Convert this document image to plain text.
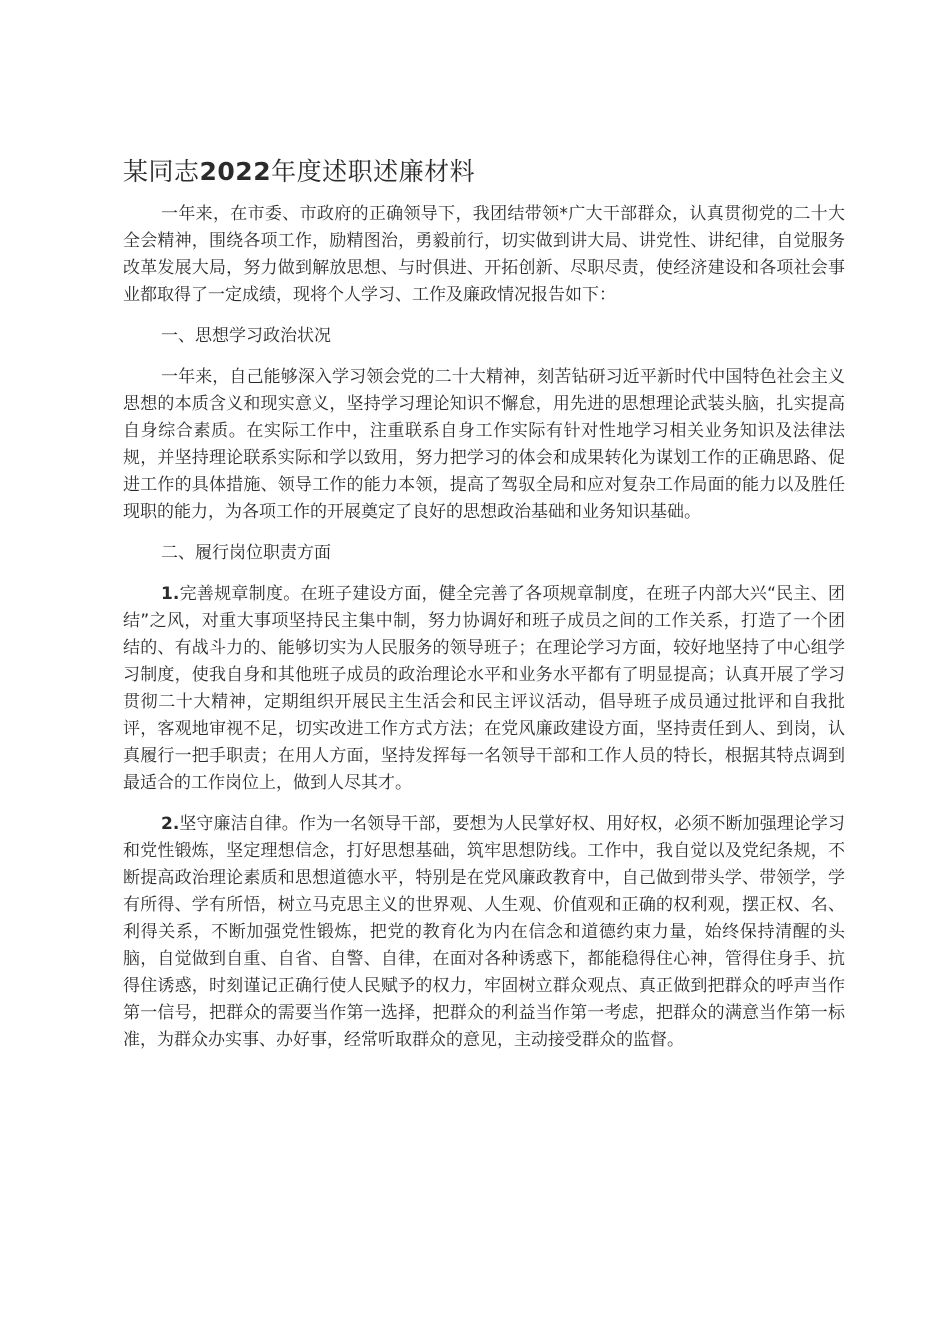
某同志2022年度述职述廉材料

一年来，在市委、市政府的正确领导下，我团结带领*广大干部群众，认真贯彻党的二十大全会精神，围绕各项工作，励精图治，勇毅前行，切实做到讲大局、讲党性、讲纪律，自觉服务改革发展大局，努力做到解放思想、与时俱进、开拓创新、尽职尽责，使经济建设和各项社会事业都取得了一定成绩，现将个人学习、工作及廉政情况报告如下：

一、思想学习政治状况

一年来，自己能够深入学习领会党的二十大精神，刻苦钻研习近平新时代中国特色社会主义思想的本质含义和现实意义，坚持学习理论知识不懈怠，用先进的思想理论武装头脑，扎实提高自身综合素质。在实际工作中，注重联系自身工作实际有针对性地学习相关业务知识及法律法规，并坚持理论联系实际和学以致用，努力把学习的体会和成果转化为谋划工作的正确思路、促进工作的具体措施、领导工作的能力本领，提高了驾驭全局和应对复杂工作局面的能力以及胜任现职的能力，为各项工作的开展奠定了良好的思想政治基础和业务知识基础。

二、履行岗位职责方面

1.完善规章制度。在班子建设方面，健全完善了各项规章制度，在班子内部大兴“民主、团结”之风，对重大事项坚持民主集中制，努力协调好和班子成员之间的工作关系，打造了一个团结的、有战斗力的、能够切实为人民服务的领导班子；在理论学习方面，较好地坚持了中心组学习制度，使我自身和其他班子成员的政治理论水平和业务水平都有了明显提高；认真开展了学习贯彻二十大精神，定期组织开展民主生活会和民主评议活动，倡导班子成员通过批评和自我批评，客观地审视不足，切实改进工作方式方法；在党风廉政建设方面，坚持责任到人、到岗，认真履行一把手职责；在用人方面，坚持发挥每一名领导干部和工作人员的特长，根据其特点调到最适合的工作岗位上，做到人尽其才。

2.坚守廉洁自律。作为一名领导干部，要想为人民掌好权、用好权，必须不断加强理论学习和党性锻炼，坚定理想信念，打好思想基础，筑牢思想防线。工作中，我自觉以及党纪条规，不断提高政治理论素质和思想道德水平，特别是在党风廉政教育中，自己做到带头学、带领学，学有所得、学有所悟，树立马克思主义的世界观、人生观、价值观和正确的权利观，摆正权、名、利得关系，不断加强党性锻炼，把党的教育化为内在信念和道德约束力量，始终保持清醒的头脑，自觉做到自重、自省、自警、自律，在面对各种诱惑下，都能稳得住心神，管得住身手、抗得住诱惑，时刻谨记正确行使人民赋予的权力，牢固树立群众观点、真正做到把群众的呼声当作第一信号，把群众的需要当作第一选择，把群众的利益当作第一考虑，把群众的满意当作第一标准，为群众办实事、办好事，经常听取群众的意见，主动接受群众的监督。
